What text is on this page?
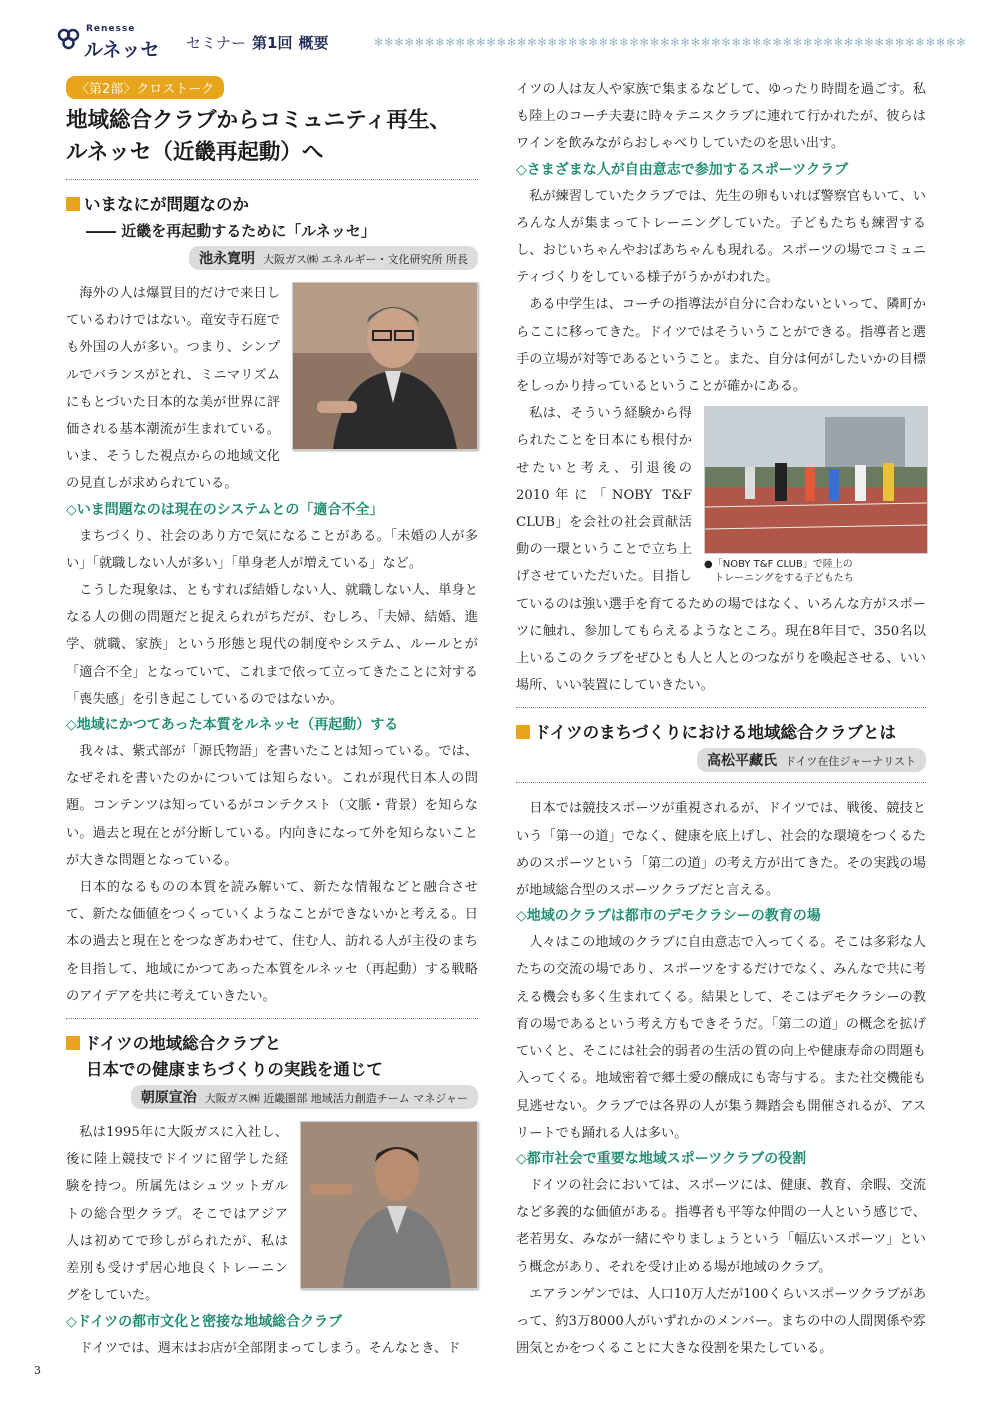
Renesse
ルネッセ セミナー 第1回 概要	✻✻✻✻✻✻✻✻✻✻✻✻✻✻✻✻✻✻✻✻✻✻✻✻✻✻✻✻✻✻✻✻✻✻✻✻✻✻✻✻✻✻✻✻✻✻✻✻✻✻✻✻✻✻✻✻✻✻
〈第2部〉クロストーク
地域総合クラブからコミュニティ再生、
ルネッセ（近畿再起動）へ
いまなにが問題なのか

―― 近畿を再起動するために「ルネッセ」

池永寛明 大阪ガス㈱ エネルギー・文化研究所 所長

海外の人は爆買目的だけで来日しているわけではない。竜安寺石庭でも外国の人が多い。つまり、シンプルでバランスがとれ、ミニマリズムにもとづいた日本的な美が世界に評価される基本潮流が生まれている。いま、そうした視点からの地域文化の見直しが求められている。

◇いま問題なのは現在のシステムとの「適合不全」

まちづくり、社会のあり方で気になることがある。「未婚の人が多い」「就職しない人が多い」「単身老人が増えている」など。

こうした現象は、ともすれば結婚しない人、就職しない人、単身となる人の側の問題だと捉えられがちだが、むしろ、「夫婦、結婚、進学、就職、家族」という形態と現代の制度やシステム、ルールとが「適合不全」となっていて、これまで依って立ってきたことに対する「喪失感」を引き起こしているのではないか。

◇地域にかつてあった本質をルネッセ（再起動）する

我々は、紫式部が「源氏物語」を書いたことは知っている。では、なぜそれを書いたのかについては知らない。これが現代日本人の問題。コンテンツは知っているがコンテクスト（文脈・背景）を知らない。過去と現在とが分断している。内向きになって外を知らないことが大きな問題となっている。

日本的なるものの本質を読み解いて、新たな情報などと融合させて、新たな価値をつくっていくようなことができないかと考える。日本の過去と現在とをつなぎあわせて、住む人、訪れる人が主役のまちを目指して、地域にかつてあった本質をルネッセ（再起動）する戦略のアイデアを共に考えていきたい。

ドイツの地域総合クラブと

日本での健康まちづくりの実践を通じて

朝原宣治 大阪ガス㈱ 近畿圏部 地域活力創造チーム マネジャー

私は1995年に大阪ガスに入社し、後に陸上競技でドイツに留学した経験を持つ。所属先はシュツットガルトの総合型クラブ。そこではアジア人は初めてで珍しがられたが、私は差別も受けず居心地良くトレーニングをしていた。

◇ドイツの都市文化と密接な地域総合クラブ

ドイツでは、週末はお店が全部閉まってしまう。そんなとき、ド

イツの人は友人や家族で集まるなどして、ゆったり時間を過ごす。私も陸上のコーチ夫妻に時々テニスクラブに連れて行かれたが、彼らはワインを飲みながらおしゃべりしていたのを思い出す。

◇さまざまな人が自由意志で参加するスポーツクラブ

私が練習していたクラブでは、先生の卵もいれば警察官もいて、いろんな人が集まってトレーニングしていた。子どもたちも練習するし、おじいちゃんやおばあちゃんも現れる。スポーツの場でコミュニティづくりをしている様子がうかがわれた。

ある中学生は、コーチの指導法が自分に合わないといって、隣町からここに移ってきた。ドイツではそういうことができる。指導者と選手の立場が対等であるということ。また、自分は何がしたいかの目標をしっかり持っているということが確かにある。

●「NOBY T&F CLUB」で陸上の
トレーニングをする子どもたち

私は、そういう経験から得られたことを日本にも根付かせたいと考え、引退後の2010年に「NOBY T&F CLUB」を会社の社会貢献活動の一環ということで立ち上げさせていただいた。目指しているのは強い選手を育てるための場ではなく、いろんな方がスポーツに触れ、参加してもらえるようなところ。現在8年目で、350名以上いるこのクラブをぜひとも人と人とのつながりを喚起させる、いい場所、いい装置にしていきたい。

ドイツのまちづくりにおける地域総合クラブとは
高松平藏氏 ドイツ在住ジャーナリスト

日本では競技スポーツが重視されるが、ドイツでは、戦後、競技という「第一の道」でなく、健康を底上げし、社会的な環境をつくるためのスポーツという「第二の道」の考え方が出てきた。その実践の場が地域総合型のスポーツクラブだと言える。

◇地域のクラブは都市のデモクラシーの教育の場

人々はこの地域のクラブに自由意志で入ってくる。そこは多彩な人たちの交流の場であり、スポーツをするだけでなく、みんなで共に考える機会も多く生まれてくる。結果として、そこはデモクラシーの教育の場であるという考え方もできそうだ。「第二の道」の概念を拡げていくと、そこには社会的弱者の生活の質の向上や健康寿命の問題も入ってくる。地域密着で郷土愛の醸成にも寄与する。また社交機能も見逃せない。クラブでは各界の人が集う舞踏会も開催されるが、アスリートでも踊れる人は多い。

◇都市社会で重要な地域スポーツクラブの役割

ドイツの社会においては、スポーツには、健康、教育、余暇、交流など多義的な価値がある。指導者も平等な仲間の一人という感じで、老若男女、みなが一緒にやりましょうという「幅広いスポーツ」という概念があり、それを受け止める場が地域のクラブ。

エアランゲンでは、人口10万人だが100くらいスポーツクラブがあって、約3万8000人がいずれかのメンバー。まちの中の人間関係や雰囲気とかをつくることに大きな役割を果たしている。

3
